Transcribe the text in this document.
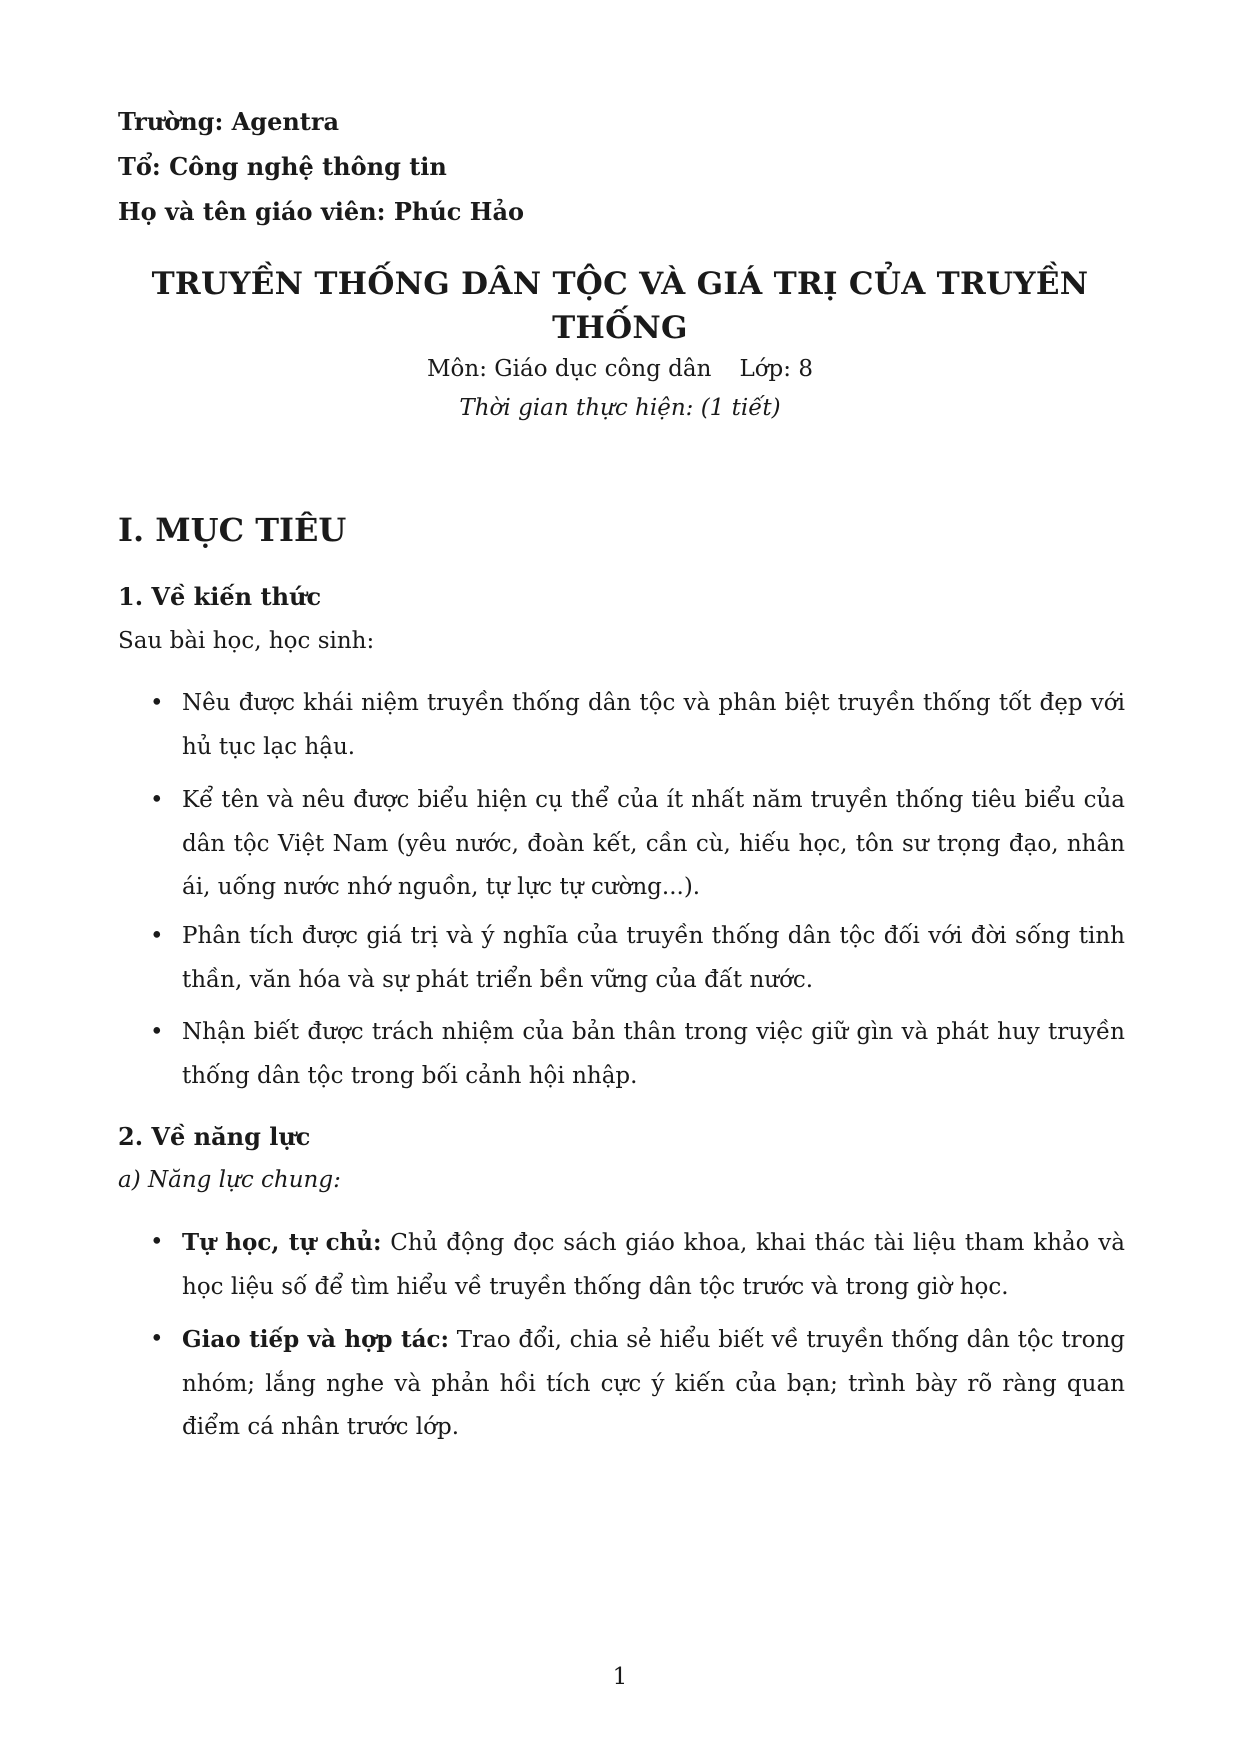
Trường: Agentra
Tổ: Công nghệ thông tin
Họ và tên giáo viên: Phúc Hảo
TRUYỀN THỐNG DÂN TỘC VÀ GIÁ TRỊ CỦA TRUYỀN
THỐNG
Môn: Giáo dục công dân Lớp: 8
Thời gian thực hiện: (1 tiết)
I. MỤC TIÊU
1. Về kiến thức
Sau bài học, học sinh:
• Nêu được khái niệm truyền thống dân tộc và phân biệt truyền thống tốt đẹp với hủ tục lạc hậu.
• Kể tên và nêu được biểu hiện cụ thể của ít nhất năm truyền thống tiêu biểu của dân tộc Việt Nam (yêu nước, đoàn kết, cần cù, hiếu học, tôn sư trọng đạo, nhân ái, uống nước nhớ nguồn, tự lực tự cường...).
• Phân tích được giá trị và ý nghĩa của truyền thống dân tộc đối với đời sống tinh thần, văn hóa và sự phát triển bền vững của đất nước.
• Nhận biết được trách nhiệm của bản thân trong việc giữ gìn và phát huy truyền thống dân tộc trong bối cảnh hội nhập.
2. Về năng lực
a) Năng lực chung:
• Tự học, tự chủ: Chủ động đọc sách giáo khoa, khai thác tài liệu tham khảo và học liệu số để tìm hiểu về truyền thống dân tộc trước và trong giờ học.
• Giao tiếp và hợp tác: Trao đổi, chia sẻ hiểu biết về truyền thống dân tộc trong nhóm; lắng nghe và phản hồi tích cực ý kiến của bạn; trình bày rõ ràng quan điểm cá nhân trước lớp.
1
